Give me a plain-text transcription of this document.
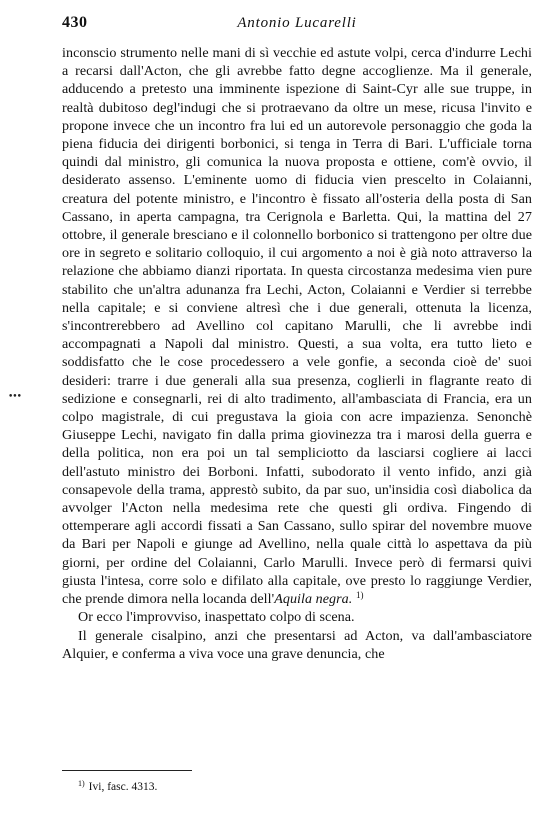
430	Antonio Lucarelli
•••

inconscio strumento nelle mani di sì vecchie ed astute volpi, cerca d'indurre Lechi a recarsi dall'Acton, che gli avrebbe fatto degne accoglienze. Ma il generale, adducendo a pretesto una imminente ispezione di Saint-Cyr alle sue truppe, in realtà dubitoso degl'indugi che si protraevano da oltre un mese, ricusa l'invito e propone invece che un incontro fra lui ed un autorevole personaggio che goda la piena fiducia dei dirigenti borbonici, si tenga in Terra di Bari. L'ufficiale torna quindi dal ministro, gli comunica la nuova proposta e ottiene, com'è ovvio, il desiderato assenso. L'eminente uomo di fiducia vien prescelto in Colaianni, creatura del potente ministro, e l'incontro è fissato all'osteria della posta di San Cassano, in aperta campagna, tra Cerignola e Barletta. Qui, la mattina del 27 ottobre, il generale bresciano e il colonnello borbonico si trattengono per oltre due ore in segreto e solitario colloquio, il cui argomento a noi è già noto attraverso la relazione che abbiamo dianzi riportata. In questa circostanza medesima vien pure stabilito che un'altra adunanza fra Lechi, Acton, Colaianni e Verdier si terrebbe nella capitale; e si conviene altresì che i due generali, ottenuta la licenza, s'incontrerebbero ad Avellino col capitano Marulli, che li avrebbe indi accompagnati a Napoli dal ministro. Questi, a sua volta, era tutto lieto e soddisfatto che le cose procedessero a vele gonfie, a seconda cioè de' suoi desideri: trarre i due generali alla sua presenza, coglierli in flagrante reato di sedizione e consegnarli, rei di alto tradimento, all'ambasciata di Francia, era un colpo magistrale, di cui pregustava la gioia con acre impazienza. Senonchè Giuseppe Lechi, navigato fin dalla prima giovinezza tra i marosi della guerra e della politica, non era poi un tal sempliciotto da lasciarsi cogliere ai lacci dell'astuto ministro dei Borboni. Infatti, subodorato il vento infido, anzi già consapevole della trama, apprestò subito, da par suo, un'insidia così diabolica da avvolger l'Acton nella medesima rete che questi gli ordiva. Fingendo di ottemperare agli accordi fissati a San Cassano, sullo spirar del novembre muove da Bari per Napoli e giunge ad Avellino, nella quale città lo aspettava da più giorni, per ordine del Colaianni, Carlo Marulli. Invece però di fermarsi quivi giusta l'intesa, corre solo e difilato alla capitale, ove presto lo raggiunge Verdier, che prende dimora nella locanda dell'Aquila negra. $^{1)}$

Or ecco l'improvviso, inaspettato colpo di scena.

Il generale cisalpino, anzi che presentarsi ad Acton, va dall'ambasciatore Alquier, e conferma a viva voce una grave denuncia, che

$^{1)}$ Ivi, fasc. 4313.
